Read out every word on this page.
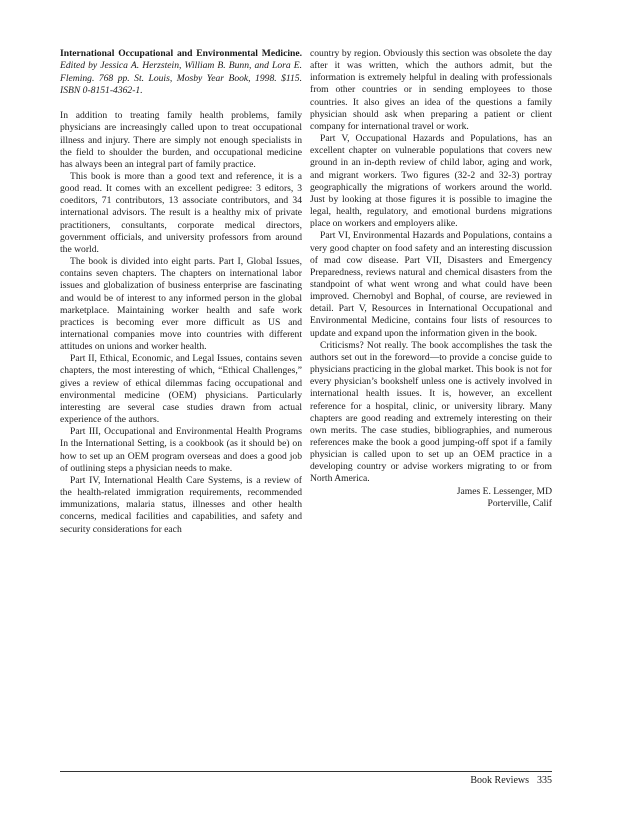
International Occupational and Environmental Medicine. Edited by Jessica A. Herzstein, William B. Bunn, and Lora E. Fleming. 768 pp. St. Louis, Mosby Year Book, 1998. $115. ISBN 0-8151-4362-1.

In addition to treating family health problems, family physicians are increasingly called upon to treat occupational illness and injury. There are simply not enough specialists in the field to shoulder the burden, and occupational medicine has always been an integral part of family practice.

This book is more than a good text and reference, it is a good read. It comes with an excellent pedigree: 3 editors, 3 coeditors, 71 contributors, 13 associate contributors, and 34 international advisors. The result is a healthy mix of private practitioners, consultants, corporate medical directors, government officials, and university professors from around the world.

The book is divided into eight parts. Part I, Global Issues, contains seven chapters. The chapters on international labor issues and globalization of business enterprise are fascinating and would be of interest to any informed person in the global marketplace. Maintaining worker health and safe work practices is becoming ever more difficult as US and international companies move into countries with different attitudes on unions and worker health.

Part II, Ethical, Economic, and Legal Issues, contains seven chapters, the most interesting of which, “Ethical Challenges,” gives a review of ethical dilemmas facing occupational and environmental medicine (OEM) physicians. Particularly interesting are several case studies drawn from actual experience of the authors.

Part III, Occupational and Environmental Health Programs In the International Setting, is a cookbook (as it should be) on how to set up an OEM program overseas and does a good job of outlining steps a physician needs to make.

Part IV, International Health Care Systems, is a review of the health-related immigration requirements, recommended immunizations, malaria status, illnesses and other health concerns, medical facilities and capabilities, and safety and security considerations for each

country by region. Obviously this section was obsolete the day after it was written, which the authors admit, but the information is extremely helpful in dealing with professionals from other countries or in sending employees to those countries. It also gives an idea of the questions a family physician should ask when preparing a patient or client company for international travel or work.

Part V, Occupational Hazards and Populations, has an excellent chapter on vulnerable populations that covers new ground in an in-depth review of child labor, aging and work, and migrant workers. Two figures (32-2 and 32-3) portray geographically the migrations of workers around the world. Just by looking at those figures it is possible to imagine the legal, health, regulatory, and emotional burdens migrations place on workers and employers alike.

Part VI, Environmental Hazards and Populations, contains a very good chapter on food safety and an interesting discussion of mad cow disease. Part VII, Disasters and Emergency Preparedness, reviews natural and chemical disasters from the standpoint of what went wrong and what could have been improved. Chernobyl and Bophal, of course, are reviewed in detail. Part V, Resources in International Occupational and Environmental Medicine, contains four lists of resources to update and expand upon the information given in the book.

Criticisms? Not really. The book accomplishes the task the authors set out in the foreword—to provide a concise guide to physicians practicing in the global market. This book is not for every physician’s bookshelf unless one is actively involved in international health issues. It is, however, an excellent reference for a hospital, clinic, or university library. Many chapters are good reading and extremely interesting on their own merits. The case studies, bibliographies, and numerous references make the book a good jumping-off spot if a family physician is called upon to set up an OEM practice in a developing country or advise workers migrating to or from North America.

James E. Lessenger, MD

Porterville, Calif

Book Reviews 335
